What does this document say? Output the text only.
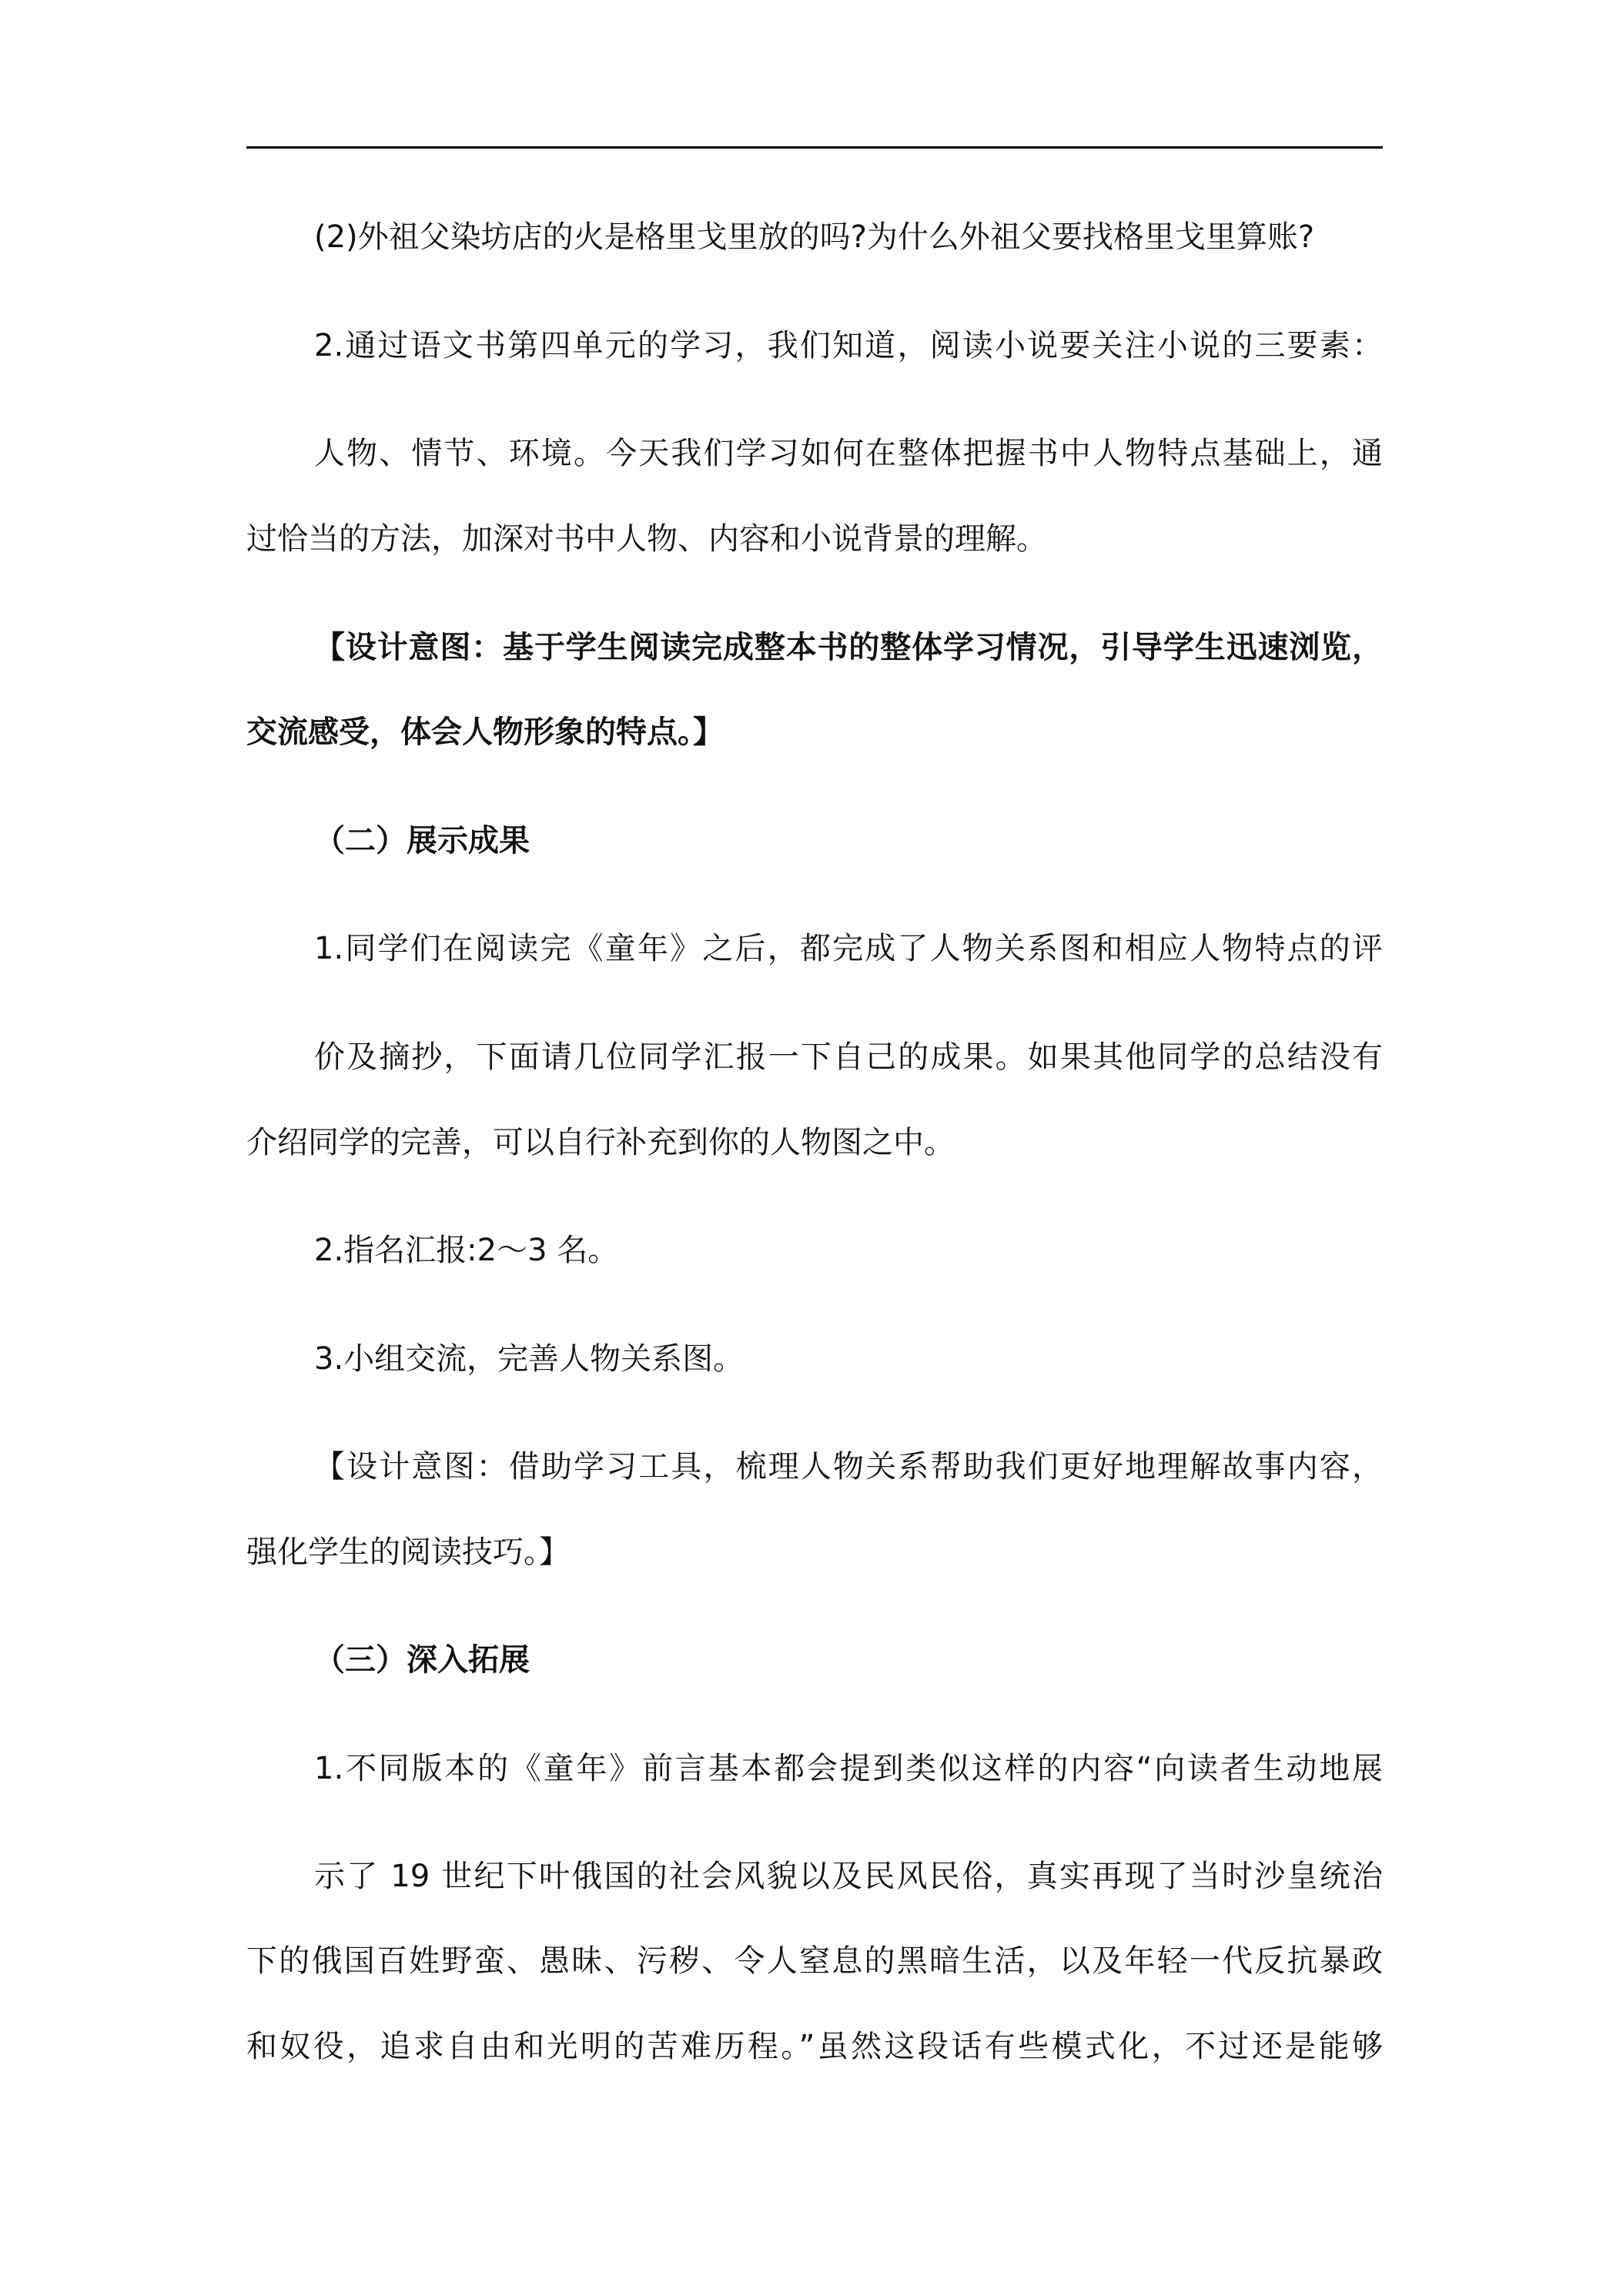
(2)外祖父染坊店的火是格里戈里放的吗?为什么外祖父要找格里戈里算账?
2.通过语文书第四单元的学习，我们知道，阅读小说要关注小说的三要素：
人物、情节、环境。今天我们学习如何在整体把握书中人物特点基础上，通
过恰当的方法，加深对书中人物、内容和小说背景的理解。
【设计意图：基于学生阅读完成整本书的整体学习情况，引导学生迅速浏览，
交流感受，体会人物形象的特点。】
（二）展示成果
1.同学们在阅读完《童年》之后，都完成了人物关系图和相应人物特点的评
价及摘抄，下面请几位同学汇报一下自己的成果。如果其他同学的总结没有
介绍同学的完善，可以自行补充到你的人物图之中。
2.指名汇报:2～3 名。
3.小组交流，完善人物关系图。
【设计意图：借助学习工具，梳理人物关系帮助我们更好地理解故事内容，
强化学生的阅读技巧。】
（三）深入拓展
1.不同版本的《童年》前言基本都会提到类似这样的内容“向读者生动地展
示了 19 世纪下叶俄国的社会风貌以及民风民俗，真实再现了当时沙皇统治
下的俄国百姓野蛮、愚昧、污秽、令人窒息的黑暗生活，以及年轻一代反抗暴政
和奴役，追求自由和光明的苦难历程。”虽然这段话有些模式化，不过还是能够
